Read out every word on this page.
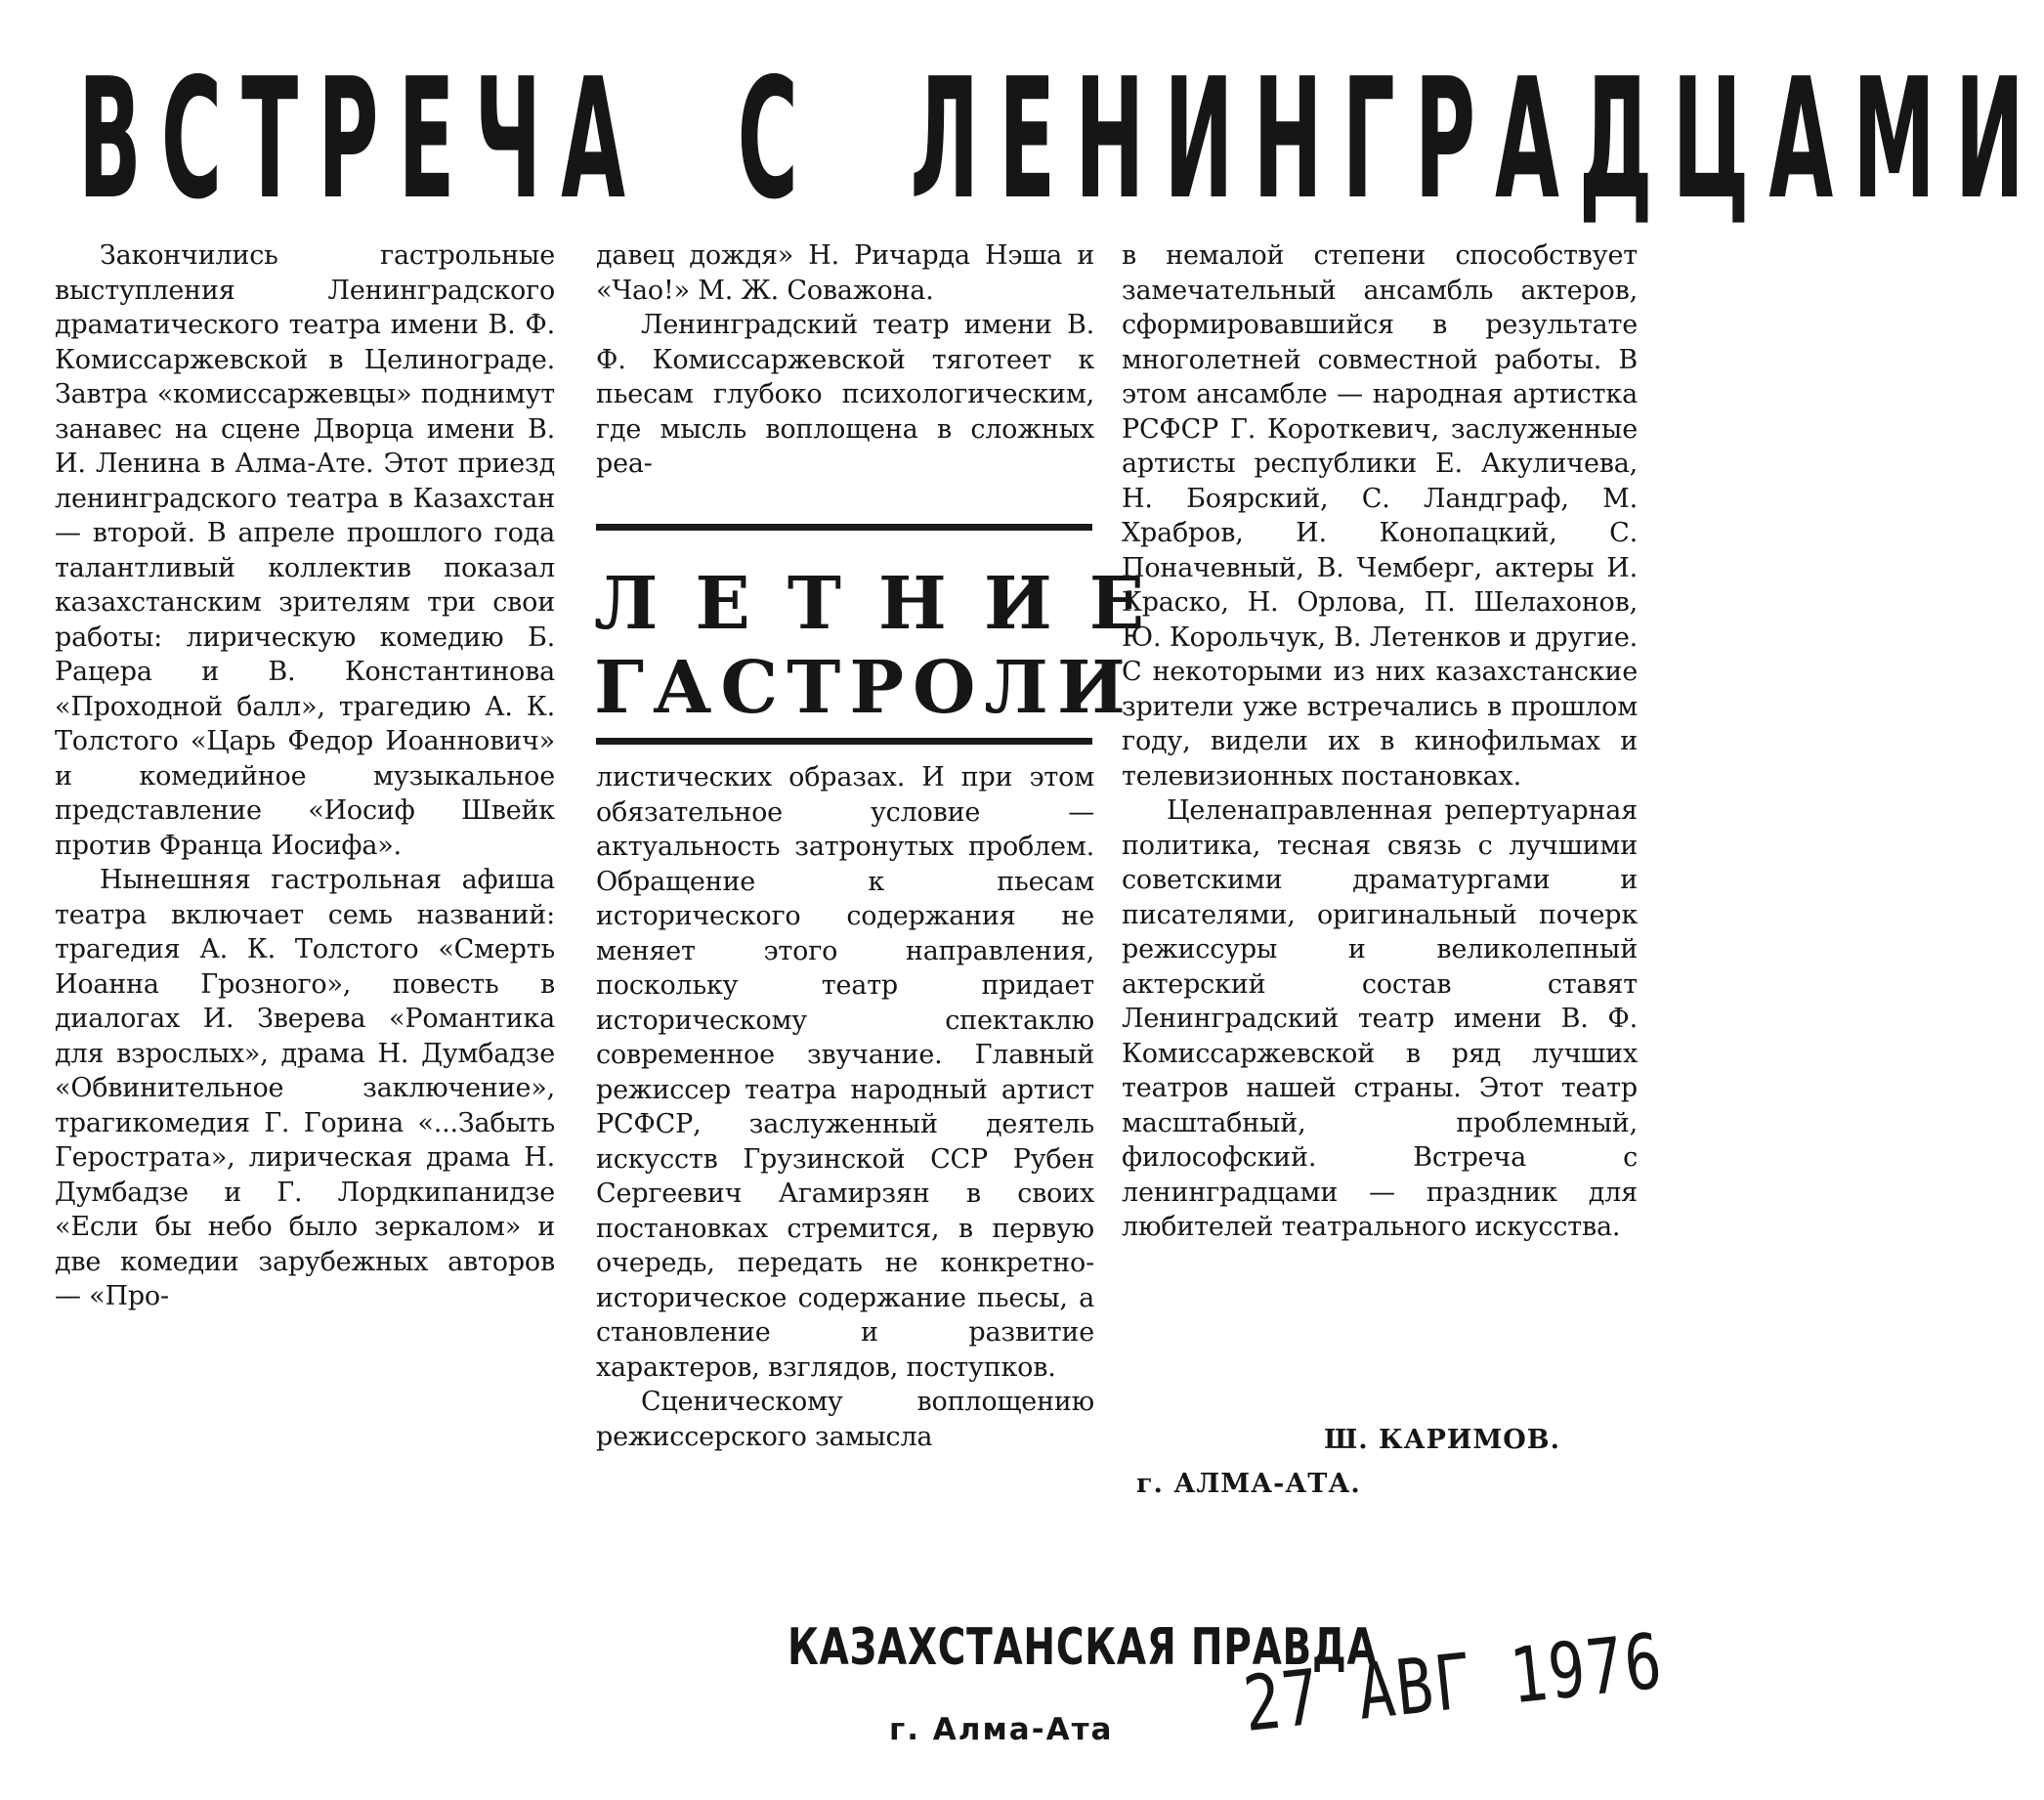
ВСТРЕЧА С ЛЕНИНГРАДЦАМИ

Закончились гастрольные выступления Ленинградского драматического театра имени В. Ф. Комиссаржевской в Целинограде. Завтра «комиссаржевцы» поднимут занавес на сцене Дворца имени В. И. Ленина в Алма-Ате. Этот приезд ленинградского театра в Казахстан — второй. В апреле прошлого года талантливый коллектив показал казахстанским зрителям три свои работы: лирическую комедию Б. Рацера и В. Константинова «Проходной балл», трагедию А. К. Толстого «Царь Федор Иоаннович» и комедийное музыкальное представление «Иосиф Швейк против Франца Иосифа».

Нынешняя гастрольная афиша театра включает семь названий: трагедия А. К. Толстого «Смерть Иоанна Грозного», повесть в диалогах И. Зверева «Романтика для взрослых», драма Н. Думбадзе «Обвинительное заключение», трагикомедия Г. Горина «...Забыть Герострата», лирическая драма Н. Думбадзе и Г. Лордкипанидзе «Если бы небо было зеркалом» и две комедии зарубежных авторов — «Про-

давец дождя» Н. Ричарда Нэша и «Чао!» М. Ж. Соважона.

Ленинградский театр имени В. Ф. Комиссаржевской тяготеет к пьесам глубоко психологическим, где мысль воплощена в сложных реа-

ЛЕТНИЕ
ГАСТРОЛИ

листических образах. И при этом обязательное условие — актуальность затронутых проблем. Обращение к пьесам исторического содержания не меняет этого направления, поскольку театр придает историческому спектаклю современное звучание. Главный режиссер театра народный артист РСФСР, заслуженный деятель искусств Грузинской ССР Рубен Сергеевич Агамирзян в своих постановках стремится, в первую очередь, передать не конкретно-историческое содержание пьесы, а становление и развитие характеров, взглядов, поступков.

Сценическому воплощению режиссерского замысла

в немалой степени способствует замечательный ансамбль актеров, сформировавшийся в результате многолетней совместной работы. В этом ансамбле — народная артистка РСФСР Г. Короткевич, заслуженные артисты республики Е. Акуличева, Н. Боярский, С. Ландграф, М. Храбров, И. Конопацкий, С. Поначевный, В. Чемберг, актеры И. Краско, Н. Орлова, П. Шелахонов, Ю. Корольчук, В. Летенков и другие. С некоторыми из них казахстанские зрители уже встречались в прошлом году, видели их в кинофильмах и телевизионных постановках.

Целенаправленная репертуарная политика, тесная связь с лучшими советскими драматургами и писателями, оригинальный почерк режиссуры и великолепный актерский состав ставят Ленинградский театр имени В. Ф. Комиссаржевской в ряд лучших театров нашей страны. Этот театр масштабный, проблемный, философский. Встреча с ленинградцами — праздник для любителей театрального искусства.

Ш. КАРИМОВ.
г. АЛМА-АТА.
КАЗАХСТАНСКАЯ ПРАВДА
г. Алма-Ата 27 АВГ 1976
